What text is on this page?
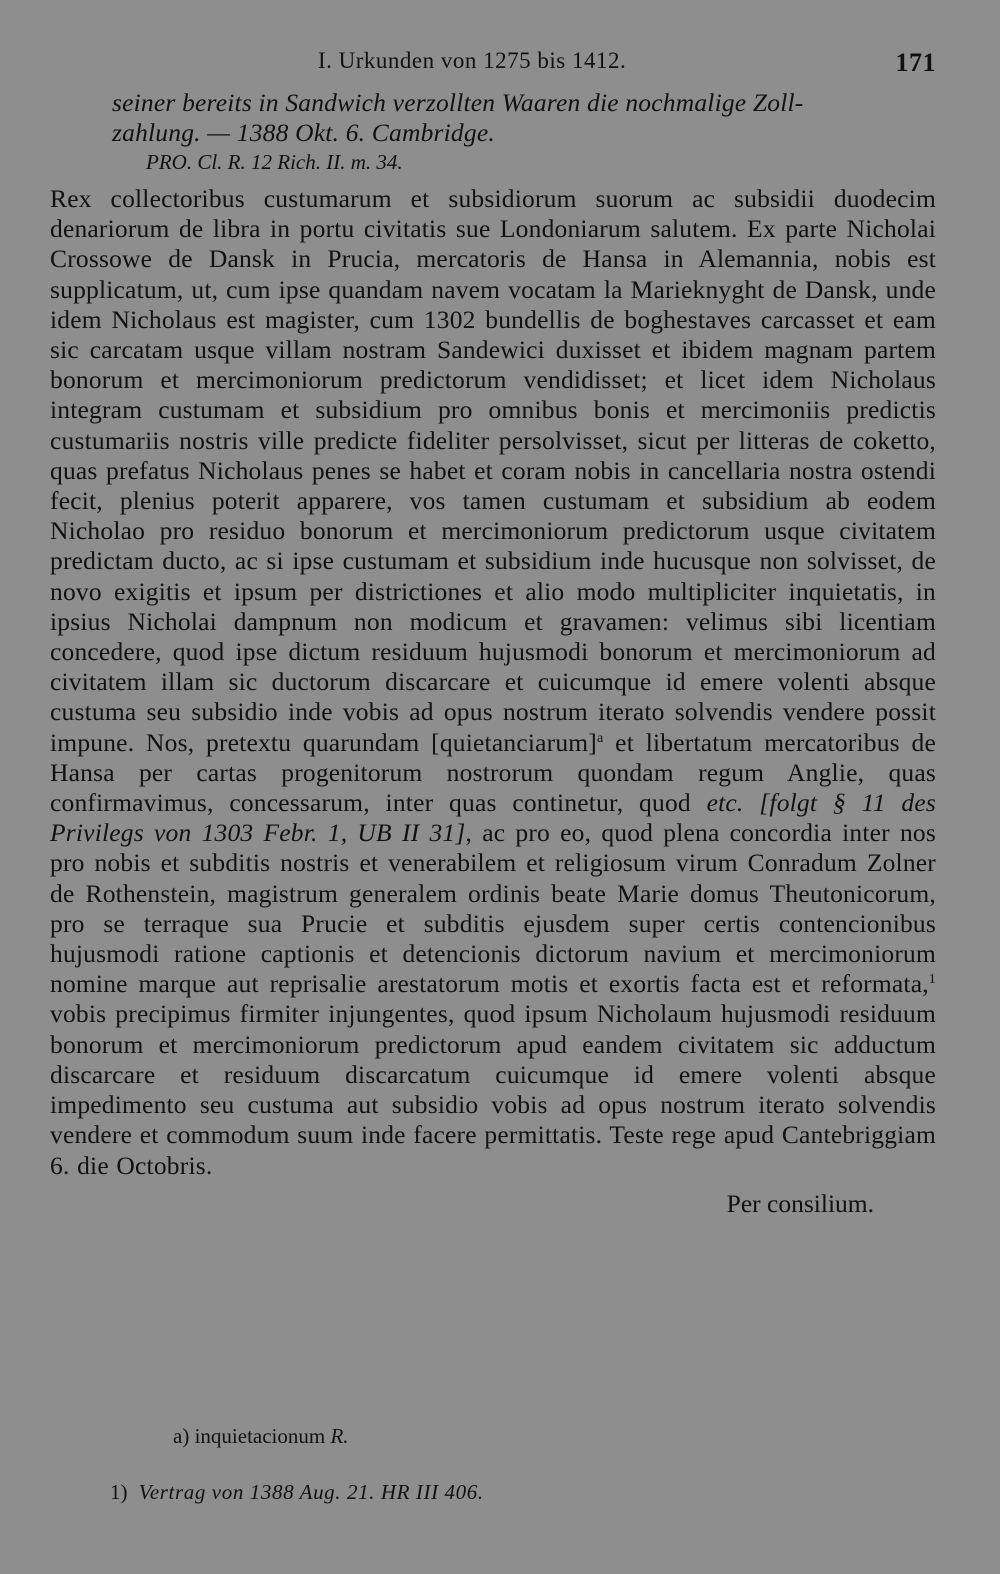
I. Urkunden von 1275 bis 1412.	171
seiner bereits in Sandwich verzollten Waaren die nochmalige Zoll-
zahlung. — 1388 Okt. 6. Cambridge.
PRO. Cl. R. 12 Rich. II. m. 34.

Rex collectoribus custumarum et subsidiorum suorum ac subsidii duodecim denariorum de libra in portu civitatis sue Londoniarum salutem. Ex parte Nicholai Crossowe de Dansk in Prucia, mercatoris de Hansa in Alemannia, nobis est supplicatum, ut, cum ipse quandam navem vocatam la Marieknyght de Dansk, unde idem Nicholaus est magister, cum 1302 bundellis de boghestaves carcasset et eam sic carcatam usque villam nostram Sandewici duxisset et ibidem magnam partem bonorum et mercimoniorum predictorum vendidisset; et licet idem Nicholaus integram custumam et subsidium pro omnibus bonis et mercimoniis predictis custumariis nostris ville predicte fideliter persolvisset, sicut per litteras de coketto, quas prefatus Nicholaus penes se habet et coram nobis in cancellaria nostra ostendi fecit, plenius poterit apparere, vos tamen custumam et subsidium ab eodem Nicholao pro residuo bonorum et mercimoniorum predictorum usque civitatem predictam ducto, ac si ipse custumam et subsidium inde hucusque non solvisset, de novo exigitis et ipsum per districtiones et alio modo multipliciter inquietatis, in ipsius Nicholai dampnum non modicum et gravamen: velimus sibi licentiam concedere, quod ipse dictum residuum hujusmodi bonorum et mercimoniorum ad civitatem illam sic ductorum discarcare et cuicumque id emere volenti absque custuma seu subsidio inde vobis ad opus nostrum iterato solvendis vendere possit impune. Nos, pretextu quarundam [quietanciarum]$^a$ et libertatum mercatoribus de Hansa per cartas progenitorum nostrorum quondam regum Anglie, quas confirmavimus, concessarum, inter quas continetur, quod etc. [folgt § 11 des Privilegs von 1303 Febr. 1, UB II 31], ac pro eo, quod plena concordia inter nos pro nobis et subditis nostris et venerabilem et religiosum virum Conradum Zolner de Rothenstein, magistrum generalem ordinis beate Marie domus Theutonicorum, pro se terraque sua Prucie et subditis ejusdem super certis contencionibus hujusmodi ratione captionis et detencionis dictorum navium et mercimoniorum nomine marque aut reprisalie arestatorum motis et exortis facta est et reformata,$^1$ vobis precipimus firmiter injungentes, quod ipsum Nicholaum hujusmodi residuum bonorum et mercimoniorum predictorum apud eandem civitatem sic adductum discarcare et residuum discarcatum cuicumque id emere volenti absque impedimento seu custuma aut subsidio vobis ad opus nostrum iterato solvendis vendere et commodum suum inde facere permittatis. Teste rege apud Cantebriggiam 6. die Octobris.

Per consilium.
a) inquietacionum R.
1) Vertrag von 1388 Aug. 21. HR III 406.
